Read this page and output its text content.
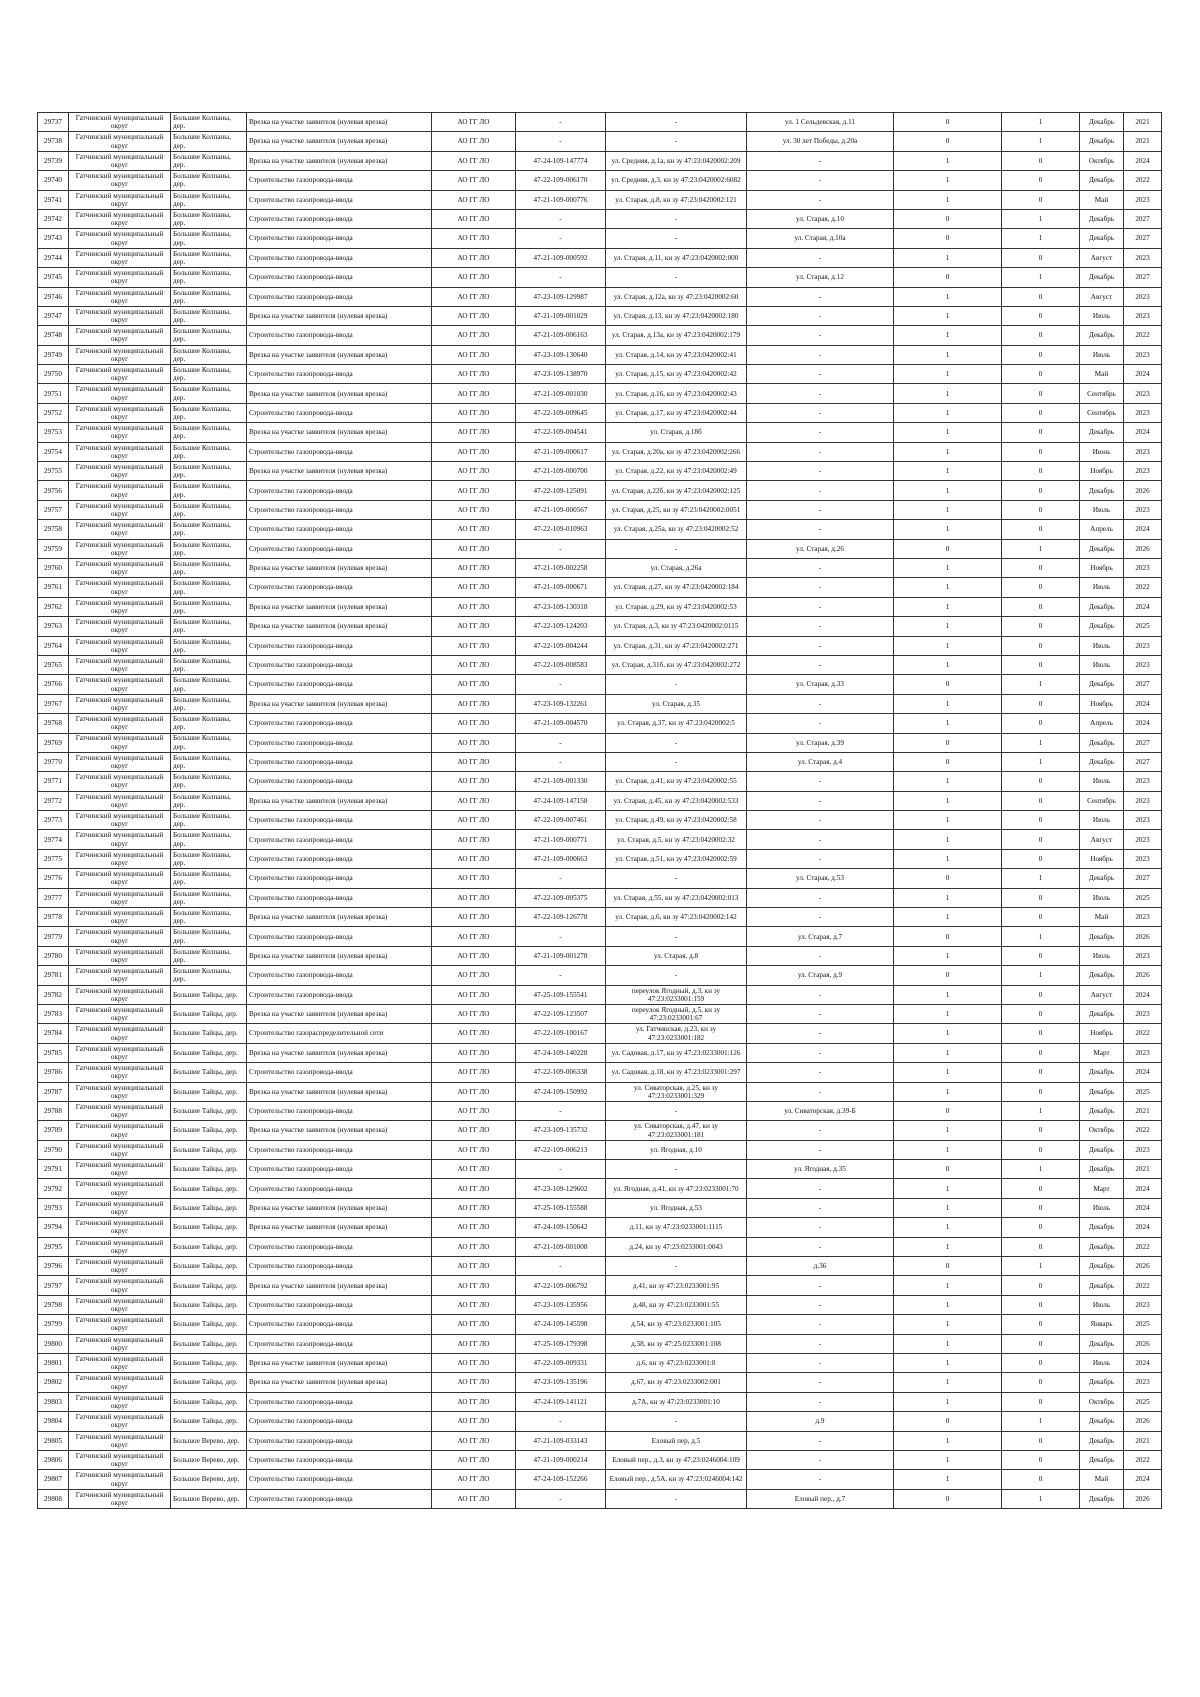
29737	Гатчинский муниципальный округ	Большие Колпаны, дер.	Врезка на участке заявителя (нулевая врезка)	АО ГГ ЛО	-	-	ул. 1 Сельдевская, д.11	0	1	Декабрь	2021
29738	Гатчинский муниципальный округ	Большие Колпаны, дер.	Врезка на участке заявителя (нулевая врезка)	АО ГГ ЛО	-	-	ул. 30 лет Победы, д.20а	0	1	Декабрь	2021
29739	Гатчинский муниципальный округ	Большие Колпаны, дер.	Врезка на участке заявителя (нулевая врезка)	АО ГГ ЛО	47-24-109-147774	ул. Средняя, д.1а, кн зу 47:23:0420002:209	-	1	0	Октябрь	2024
29740	Гатчинский муниципальный округ	Большие Колпаны, дер.	Строительство газопровода-ввода	АО ГГ ЛО	47-22-109-006170	ул. Средняя, д.3, кн зу 47:23:0420002:6082	-	1	0	Декабрь	2022
29741	Гатчинский муниципальный округ	Большие Колпаны, дер.	Строительство газопровода-ввода	АО ГГ ЛО	47-21-109-000776	ул. Старая, д.8, кн зу 47:23:0420002:121	-	1	0	Май	2023
29742	Гатчинский муниципальный округ	Большие Колпаны, дер.	Строительство газопровода-ввода	АО ГГ ЛО	-	-	ул. Старая, д.10	0	1	Декабрь	2027
29743	Гатчинский муниципальный округ	Большие Колпаны, дер.	Строительство газопровода-ввода	АО ГГ ЛО	-	-	ул. Старая, д.10а	0	1	Декабрь	2027
29744	Гатчинский муниципальный округ	Большие Колпаны, дер.	Строительство газопровода-ввода	АО ГГ ЛО	47-21-109-000592	ул. Старая, д.11, кн зу 47:23:0420002:000	-	1	0	Август	2023
29745	Гатчинский муниципальный округ	Большие Колпаны, дер.	Строительство газопровода-ввода	АО ГГ ЛО	-	-	ул. Старая, д.12	0	1	Декабрь	2027
29746	Гатчинский муниципальный округ	Большие Колпаны, дер.	Строительство газопровода-ввода	АО ГГ ЛО	47-23-109-129987	ул. Старая, д.12а, кн зу 47:23:0420002:60	-	1	0	Август	2023
29747	Гатчинский муниципальный округ	Большие Колпаны, дер.	Врезка на участке заявителя (нулевая врезка)	АО ГГ ЛО	47-21-109-001029	ул. Старая, д.13, кн зу 47:23:0420002:180	-	1	0	Июль	2023
29748	Гатчинский муниципальный округ	Большие Колпаны, дер.	Строительство газопровода-ввода	АО ГГ ЛО	47-21-109-006163	ул. Старая, д.13а, кн зу 47:23:0420002:179	-	1	0	Декабрь	2022
29749	Гатчинский муниципальный округ	Большие Колпаны, дер.	Врезка на участке заявителя (нулевая врезка)	АО ГГ ЛО	47-23-109-130640	ул. Старая, д.14, кн зу 47:23:0420002:41	-	1	0	Июль	2023
29750	Гатчинский муниципальный округ	Большие Колпаны, дер.	Строительство газопровода-ввода	АО ГГ ЛО	47-23-109-138970	ул. Старая, д.15, кн зу 47:23:0420002:42	-	1	0	Май	2024
29751	Гатчинский муниципальный округ	Большие Колпаны, дер.	Врезка на участке заявителя (нулевая врезка)	АО ГГ ЛО	47-21-109-001030	ул. Старая, д.16, кн зу 47:23:0420002:43	-	1	0	Сентябрь	2023
29752	Гатчинский муниципальный округ	Большие Колпаны, дер.	Строительство газопровода-ввода	АО ГГ ЛО	47-22-109-009645	ул. Старая, д.17, кн зу 47:23:0420002:44	-	1	0	Сентябрь	2023
29753	Гатчинский муниципальный округ	Большие Колпаны, дер.	Врезка на участке заявителя (нулевая врезка)	АО ГГ ЛО	47-22-109-004541	ул. Старая, д.18б	-	1	0	Декабрь	2024
29754	Гатчинский муниципальный округ	Большие Колпаны, дер.	Строительство газопровода-ввода	АО ГГ ЛО	47-21-109-000617	ул. Старая, д.20а, кн зу 47:23:0420002:266	-	1	0	Июнь	2023
29755	Гатчинский муниципальный округ	Большие Колпаны, дер.	Врезка на участке заявителя (нулевая врезка)	АО ГГ ЛО	47-21-109-000700	ул. Старая, д.22, кн зу 47:23:0420002:49	-	1	0	Ноябрь	2023
29756	Гатчинский муниципальный округ	Большие Колпаны, дер.	Строительство газопровода-ввода	АО ГГ ЛО	47-22-109-125091	ул. Старая, д.22б, кн зу 47:23:0420002:125	-	1	0	Декабрь	2026
29757	Гатчинский муниципальный округ	Большие Колпаны, дер.	Строительство газопровода-ввода	АО ГГ ЛО	47-21-109-000567	ул. Старая, д.25, кн зу 47:23:0420002:0051	-	1	0	Июль	2023
29758	Гатчинский муниципальный округ	Большие Колпаны, дер.	Строительство газопровода-ввода	АО ГГ ЛО	47-22-109-010963	ул. Старая, д.25а, кн зу 47:23:0420002:52	-	1	0	Апрель	2024
29759	Гатчинский муниципальный округ	Большие Колпаны, дер.	Строительство газопровода-ввода	АО ГГ ЛО	-	-	ул. Старая, д.26	0	1	Декабрь	2026
29760	Гатчинский муниципальный округ	Большие Колпаны, дер.	Врезка на участке заявителя (нулевая врезка)	АО ГГ ЛО	47-21-109-002258	ул. Старая, д.26а	-	1	0	Ноябрь	2023
29761	Гатчинский муниципальный округ	Большие Колпаны, дер.	Строительство газопровода-ввода	АО ГГ ЛО	47-21-109-000671	ул. Старая, д.27, кн зу 47:23:0420002:184	-	1	0	Июль	2022
29762	Гатчинский муниципальный округ	Большие Колпаны, дер.	Врезка на участке заявителя (нулевая врезка)	АО ГГ ЛО	47-23-109-130318	ул. Старая, д.29, кн зу 47:23:0420002:53	-	1	0	Декабрь	2024
29763	Гатчинский муниципальный округ	Большие Колпаны, дер.	Врезка на участке заявителя (нулевая врезка)	АО ГГ ЛО	47-22-109-124203	ул. Старая, д.3, кн зу 47:23:0420002:0115	-	1	0	Декабрь	2025
29764	Гатчинский муниципальный округ	Большие Колпаны, дер.	Строительство газопровода-ввода	АО ГГ ЛО	47-22-109-004244	ул. Старая, д.31, кн зу 47:23:0420002:271	-	1	0	Июль	2023
29765	Гатчинский муниципальный округ	Большие Колпаны, дер.	Строительство газопровода-ввода	АО ГГ ЛО	47-22-109-008583	ул. Старая, д.31б, кн зу 47:23:0420002:272	-	1	0	Июль	2023
29766	Гатчинский муниципальный округ	Большие Колпаны, дер.	Строительство газопровода-ввода	АО ГГ ЛО	-	-	ул. Старая, д.33	0	1	Декабрь	2027
29767	Гатчинский муниципальный округ	Большие Колпаны, дер.	Врезка на участке заявителя (нулевая врезка)	АО ГГ ЛО	47-23-109-132261	ул. Старая, д.35	-	1	0	Ноябрь	2024
29768	Гатчинский муниципальный округ	Большие Колпаны, дер.	Строительство газопровода-ввода	АО ГГ ЛО	47-21-109-004570	ул. Старая, д.37, кн зу 47:23:0420002:5	-	1	0	Апрель	2024
29769	Гатчинский муниципальный округ	Большие Колпаны, дер.	Строительство газопровода-ввода	АО ГГ ЛО	-	-	ул. Старая, д.39	0	1	Декабрь	2027
29770	Гатчинский муниципальный округ	Большие Колпаны, дер.	Строительство газопровода-ввода	АО ГГ ЛО	-	-	ул. Старая, д.4	0	1	Декабрь	2027
29771	Гатчинский муниципальный округ	Большие Колпаны, дер.	Строительство газопровода-ввода	АО ГГ ЛО	47-21-109-001330	ул. Старая, д.41, кн зу 47:23:0420002:55	-	1	0	Июль	2023
29772	Гатчинский муниципальный округ	Большие Колпаны, дер.	Врезка на участке заявителя (нулевая врезка)	АО ГГ ЛО	47-24-109-147158	ул. Старая, д.45, кн зу 47:23:0420002:533	-	1	0	Сентябрь	2023
29773	Гатчинский муниципальный округ	Большие Колпаны, дер.	Строительство газопровода-ввода	АО ГГ ЛО	47-22-109-007461	ул. Старая, д.49, кн зу 47:23:0420002:58	-	1	0	Июль	2023
29774	Гатчинский муниципальный округ	Большие Колпаны, дер.	Строительство газопровода-ввода	АО ГГ ЛО	47-21-109-000771	ул. Старая, д.5, кн зу 47:23:0420002:32	-	1	0	Август	2023
29775	Гатчинский муниципальный округ	Большие Колпаны, дер.	Строительство газопровода-ввода	АО ГГ ЛО	47-21-109-000663	ул. Старая, д.51, кн зу 47:23:0420002:59	-	1	0	Ноябрь	2023
29776	Гатчинский муниципальный округ	Большие Колпаны, дер.	Строительство газопровода-ввода	АО ГГ ЛО	-	-	ул. Старая, д.53	0	1	Декабрь	2027
29777	Гатчинский муниципальный округ	Большие Колпаны, дер.	Строительство газопровода-ввода	АО ГГ ЛО	47-22-109-005375	ул. Старая, д.55, кн зу 47:23:0420002:013	-	1	0	Июль	2025
29778	Гатчинский муниципальный округ	Большие Колпаны, дер.	Врезка на участке заявителя (нулевая врезка)	АО ГГ ЛО	47-22-109-126778	ул. Старая, д.6, кн зу 47:23:0420002:142	-	1	0	Май	2023
29779	Гатчинский муниципальный округ	Большие Колпаны, дер.	Строительство газопровода-ввода	АО ГГ ЛО	-	-	ул. Старая, д.7	0	1	Декабрь	2026
29780	Гатчинский муниципальный округ	Большие Колпаны, дер.	Врезка на участке заявителя (нулевая врезка)	АО ГГ ЛО	47-21-109-001278	ул. Старая, д.8	-	1	0	Июль	2023
29781	Гатчинский муниципальный округ	Большие Колпаны, дер.	Строительство газопровода-ввода	АО ГГ ЛО	-	-	ул. Старая, д.9	0	1	Декабрь	2026
29782	Гатчинский муниципальный округ	Большие Тайцы, дер.	Строительство газопровода-ввода	АО ГГ ЛО	47-25-109-155541	переулок Ягодный, д.3, кн зу 47:23:0233001:159	-	1	0	Август	2024
29783	Гатчинский муниципальный округ	Большие Тайцы, дер.	Врезка на участке заявителя (нулевая врезка)	АО ГГ ЛО	47-22-109-123507	переулок Ягодный, д.5, кн зу 47:23:0233001:67	-	1	0	Декабрь	2023
29784	Гатчинский муниципальный округ	Большие Тайцы, дер.	Строительство газораспределительной сети	АО ГГ ЛО	47-22-109-100167	ул. Гатчинская, д.23, кн зу 47:23:0233001:182	-	1	0	Ноябрь	2022
29785	Гатчинский муниципальный округ	Большие Тайцы, дер.	Врезка на участке заявителя (нулевая врезка)	АО ГГ ЛО	47-24-109-140228	ул. Садовая, д.17, кн зу 47:23:0233001:126	-	1	0	Март	2023
29786	Гатчинский муниципальный округ	Большие Тайцы, дер.	Строительство газопровода-ввода	АО ГГ ЛО	47-22-109-006338	ул. Садовая, д.18, кн зу 47:23:0233001:297	-	1	0	Декабрь	2024
29787	Гатчинский муниципальный округ	Большие Тайцы, дер.	Врезка на участке заявителя (нулевая врезка)	АО ГГ ЛО	47-24-109-150992	ул. Сиваторская, д.25, кн зу 47:23:0233001:329	-	1	0	Декабрь	2025
29788	Гатчинский муниципальный округ	Большие Тайцы, дер.	Строительство газопровода-ввода	АО ГГ ЛО	-	-	ул. Сиваторская, д.39-Б	0	1	Декабрь	2021
29789	Гатчинский муниципальный округ	Большие Тайцы, дер.	Врезка на участке заявителя (нулевая врезка)	АО ГГ ЛО	47-23-109-135732	ул. Сиваторская, д.47, кн зу 47:23:0233001:181	-	1	0	Октябрь	2022
29790	Гатчинский муниципальный округ	Большие Тайцы, дер.	Строительство газопровода-ввода	АО ГГ ЛО	47-22-109-006213	ул. Ягодная, д.10	-	1	0	Декабрь	2023
29791	Гатчинский муниципальный округ	Большие Тайцы, дер.	Строительство газопровода-ввода	АО ГГ ЛО	-	-	ул. Ягодная, д.35	0	1	Декабрь	2021
29792	Гатчинский муниципальный округ	Большие Тайцы, дер.	Строительство газопровода-ввода	АО ГГ ЛО	47-23-109-129602	ул. Ягодная, д.41, кн зу 47:23:0233001:70	-	1	0	Март	2024
29793	Гатчинский муниципальный округ	Большие Тайцы, дер.	Врезка на участке заявителя (нулевая врезка)	АО ГГ ЛО	47-25-109-155588	ул. Ягодная, д.53	-	1	0	Июль	2024
29794	Гатчинский муниципальный округ	Большие Тайцы, дер.	Врезка на участке заявителя (нулевая врезка)	АО ГГ ЛО	47-24-109-150642	д.11, кн зу 47:23:0233001:1115	-	1	0	Декабрь	2024
29795	Гатчинский муниципальный округ	Большие Тайцы, дер.	Строительство газопровода-ввода	АО ГГ ЛО	47-21-109-001008	д.24, кн зу 47:23:0233001:0043	-	1	0	Декабрь	2022
29796	Гатчинский муниципальный округ	Большие Тайцы, дер.	Строительство газопровода-ввода	АО ГГ ЛО	-	-	д.36	0	1	Декабрь	2026
29797	Гатчинский муниципальный округ	Большие Тайцы, дер.	Врезка на участке заявителя (нулевая врезка)	АО ГГ ЛО	47-22-109-006792	д.41, кн зу 47:23:0233001:95	-	1	0	Декабрь	2022
29798	Гатчинский муниципальный округ	Большие Тайцы, дер.	Строительство газопровода-ввода	АО ГГ ЛО	47-23-109-135956	д.48, кн зу 47:23:0233001:55	-	1	0	Июль	2023
29799	Гатчинский муниципальный округ	Большие Тайцы, дер.	Строительство газопровода-ввода	АО ГГ ЛО	47-24-109-145598	д.54, кн зу 47:23:0233001:105	-	1	0	Январь	2025
29800	Гатчинский муниципальный округ	Большие Тайцы, дер.	Строительство газопровода-ввода	АО ГГ ЛО	47-25-109-179398	д.58, кн зу 47:25:0233001:108	-	1	0	Декабрь	2026
29801	Гатчинский муниципальный округ	Большие Тайцы, дер.	Врезка на участке заявителя (нулевая врезка)	АО ГГ ЛО	47-22-109-009331	д.6, кн зу 47:23:0233001:8	-	1	0	Июль	2024
29802	Гатчинский муниципальный округ	Большие Тайцы, дер.	Врезка на участке заявителя (нулевая врезка)	АО ГГ ЛО	47-23-109-135196	д.67, кн зу 47:23:0233002:001	-	1	0	Декабрь	2023
29803	Гатчинский муниципальный округ	Большие Тайцы, дер.	Строительство газопровода-ввода	АО ГГ ЛО	47-24-109-141121	д.7А, кн зу 47:23:0233001:10	-	1	0	Октябрь	2025
29804	Гатчинский муниципальный округ	Большие Тайцы, дер.	Строительство газопровода-ввода	АО ГГ ЛО	-	-	д.9	0	1	Декабрь	2026
29805	Гатчинский муниципальный округ	Большое Верево, дер.	Строительство газопровода-ввода	АО ГГ ЛО	47-21-109-033143	Еловый пер, д.5	-	1	0	Декабрь	2021
29806	Гатчинский муниципальный округ	Большое Верево, дер.	Строительство газопровода-ввода	АО ГГ ЛО	47-21-109-000214	Еловый пер., д.3, кн зу 47:23:0246004:109	-	1	0	Декабрь	2022
29807	Гатчинский муниципальный округ	Большое Верево, дер.	Строительство газопровода-ввода	АО ГГ ЛО	47-24-109-152266	Еловый пер., д.5А, кн зу 47:23:0246004:142	-	1	0	Май	2024
29808	Гатчинский муниципальный округ	Большое Верево, дер.	Строительство газопровода-ввода	АО ГГ ЛО	-	-	Еловый пер., д.7	0	1	Декабрь	2026
